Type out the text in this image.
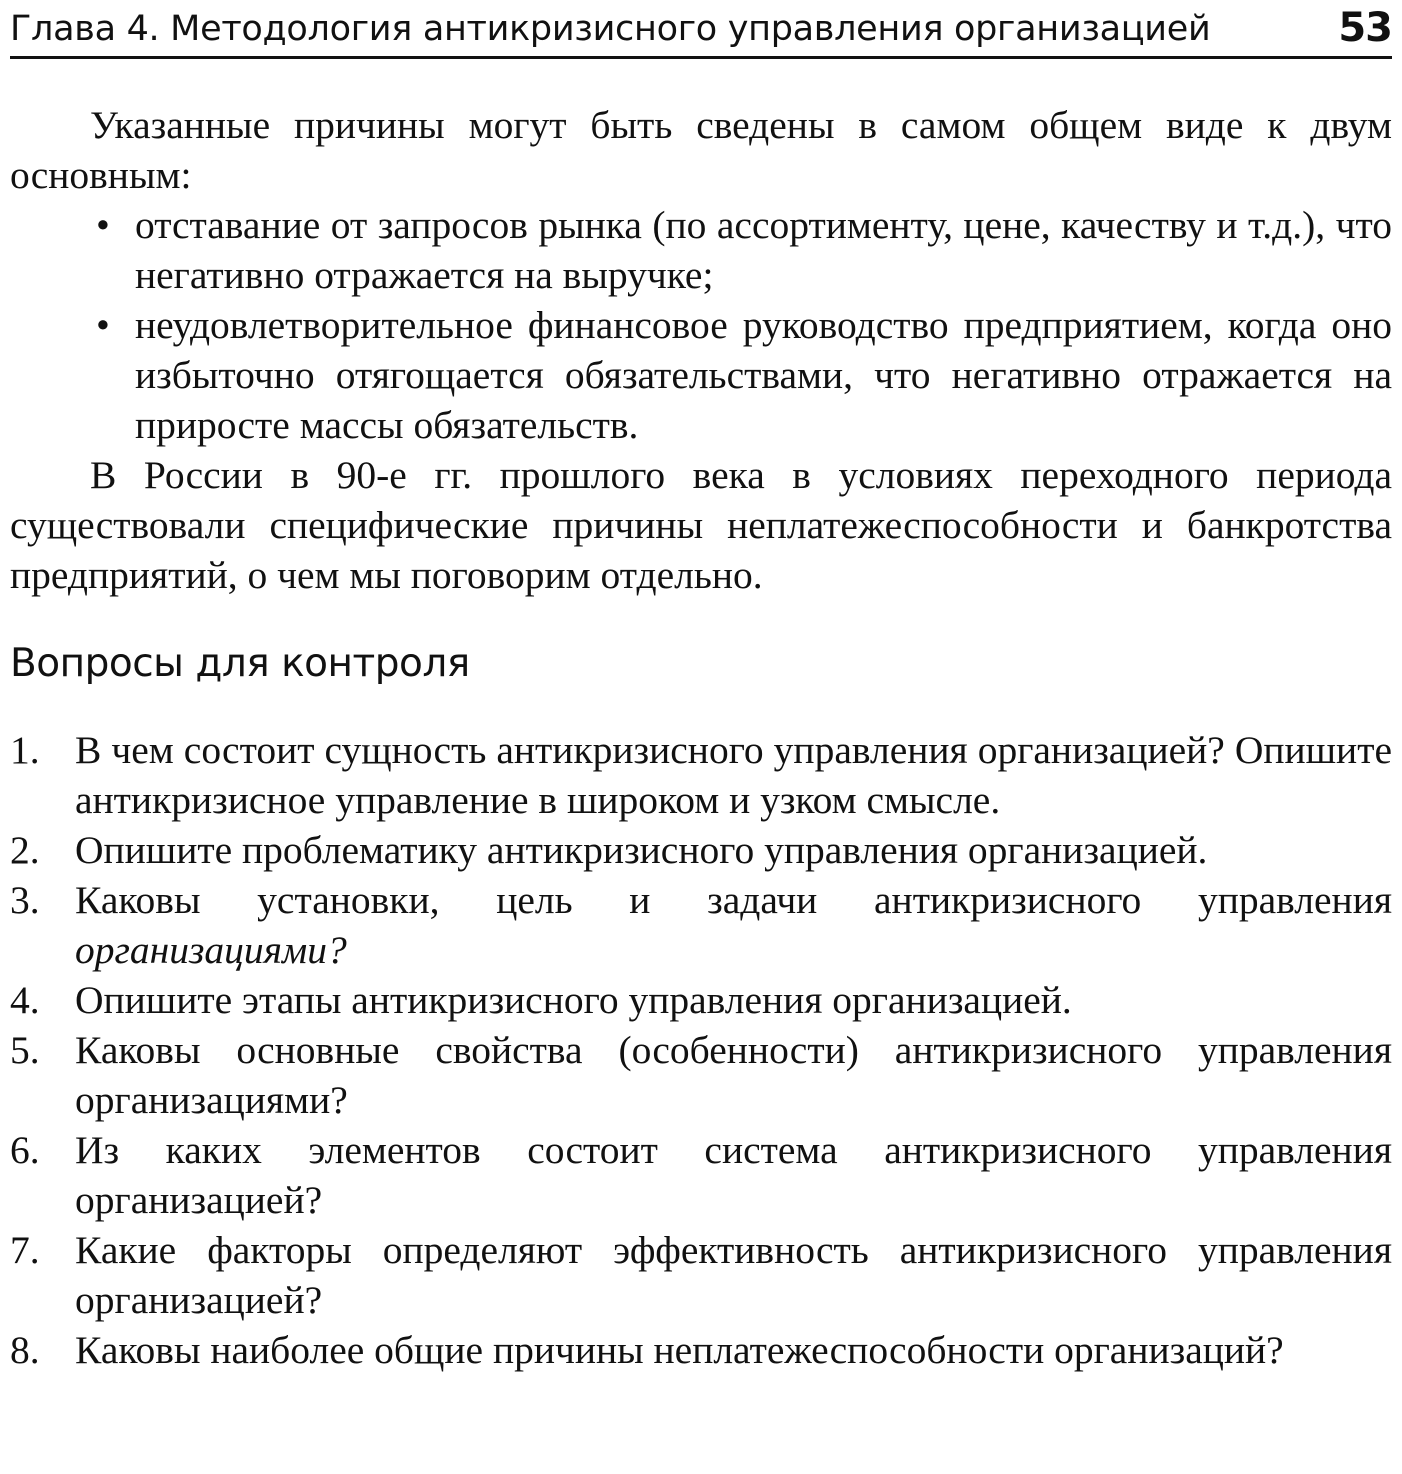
Глава 4. Методология антикризисного управления организацией	53

Указанные причины могут быть сведены в самом общем виде к двум основным:

• отставание от запросов рынка (по ассортименту, цене, качеству и т.д.), что негативно отражается на выручке;
• неудовлетворительное финансовое руководство предприятием, когда оно избыточно отягощается обязательствами, что негативно отражается на приросте массы обязательств.

В России в 90-е гг. прошлого века в условиях переходного периода существовали специфические причины неплатежеспособности и банкротства предприятий, о чем мы поговорим отдельно.

Вопросы для контроля
1. В чем состоит сущность антикризисного управления организацией? Опишите антикризисное управление в широком и узком смысле.
2. Опишите проблематику антикризисного управления организацией.
3. Каковы установки, цель и задачи антикризисного управления организациями?
4. Опишите этапы антикризисного управления организацией.
5. Каковы основные свойства (особенности) антикризисного управления организациями?
6. Из каких элементов состоит система антикризисного управления организацией?
7. Какие факторы определяют эффективность антикризисного управления организацией?
8. Каковы наиболее общие причины неплатежеспособности организаций?
